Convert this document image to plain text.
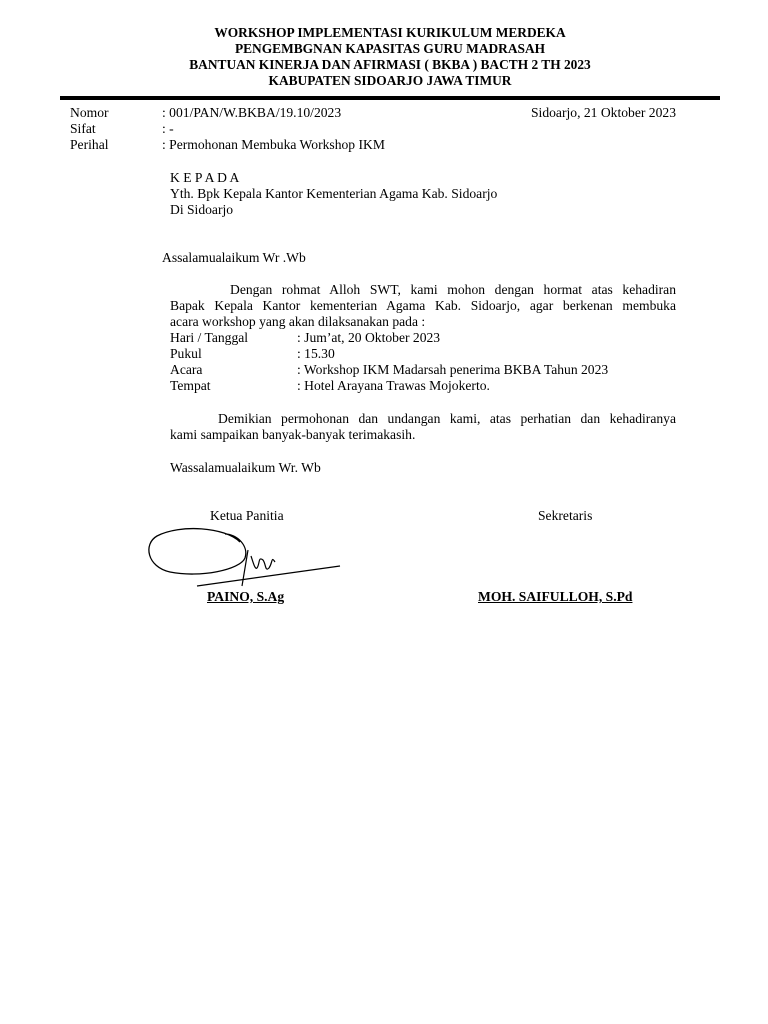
WORKSHOP IMPLEMENTASI KURIKULUM MERDEKA
PENGEMBGNAN KAPASITAS GURU MADRASAH
BANTUAN KINERJA DAN AFIRMASI ( BKBA ) BACTH 2 TH 2023
KABUPATEN SIDOARJO JAWA TIMUR
Nomor	: 001/PAN/W.BKBA/19.10/2023	Sidoarjo, 21 Oktober 2023
Sifat	: -
Perihal	: Permohonan Membuka Workshop IKM
K E P A D A
Yth. Bpk Kepala Kantor Kementerian Agama Kab. Sidoarjo
Di Sidoarjo
Assalamualaikum Wr .Wb
Dengan rohmat Alloh SWT, kami mohon dengan hormat atas kehadiran
Bapak Kepala Kantor kementerian Agama Kab. Sidoarjo, agar berkenan membuka
acara workshop yang akan dilaksanakan pada :
Hari / Tanggal	: Jum’at, 20 Oktober 2023
Pukul	: 15.30
Acara	: Workshop IKM Madarsah penerima BKBA Tahun 2023
Tempat	: Hotel Arayana Trawas Mojokerto.
Demikian permohonan dan undangan kami, atas perhatian dan kehadiranya
kami sampaikan banyak-banyak terimakasih.
Wassalamualaikum Wr. Wb
Ketua Panitia	Sekretaris
PAINO, S.Ag	MOH. SAIFULLOH, S.Pd
